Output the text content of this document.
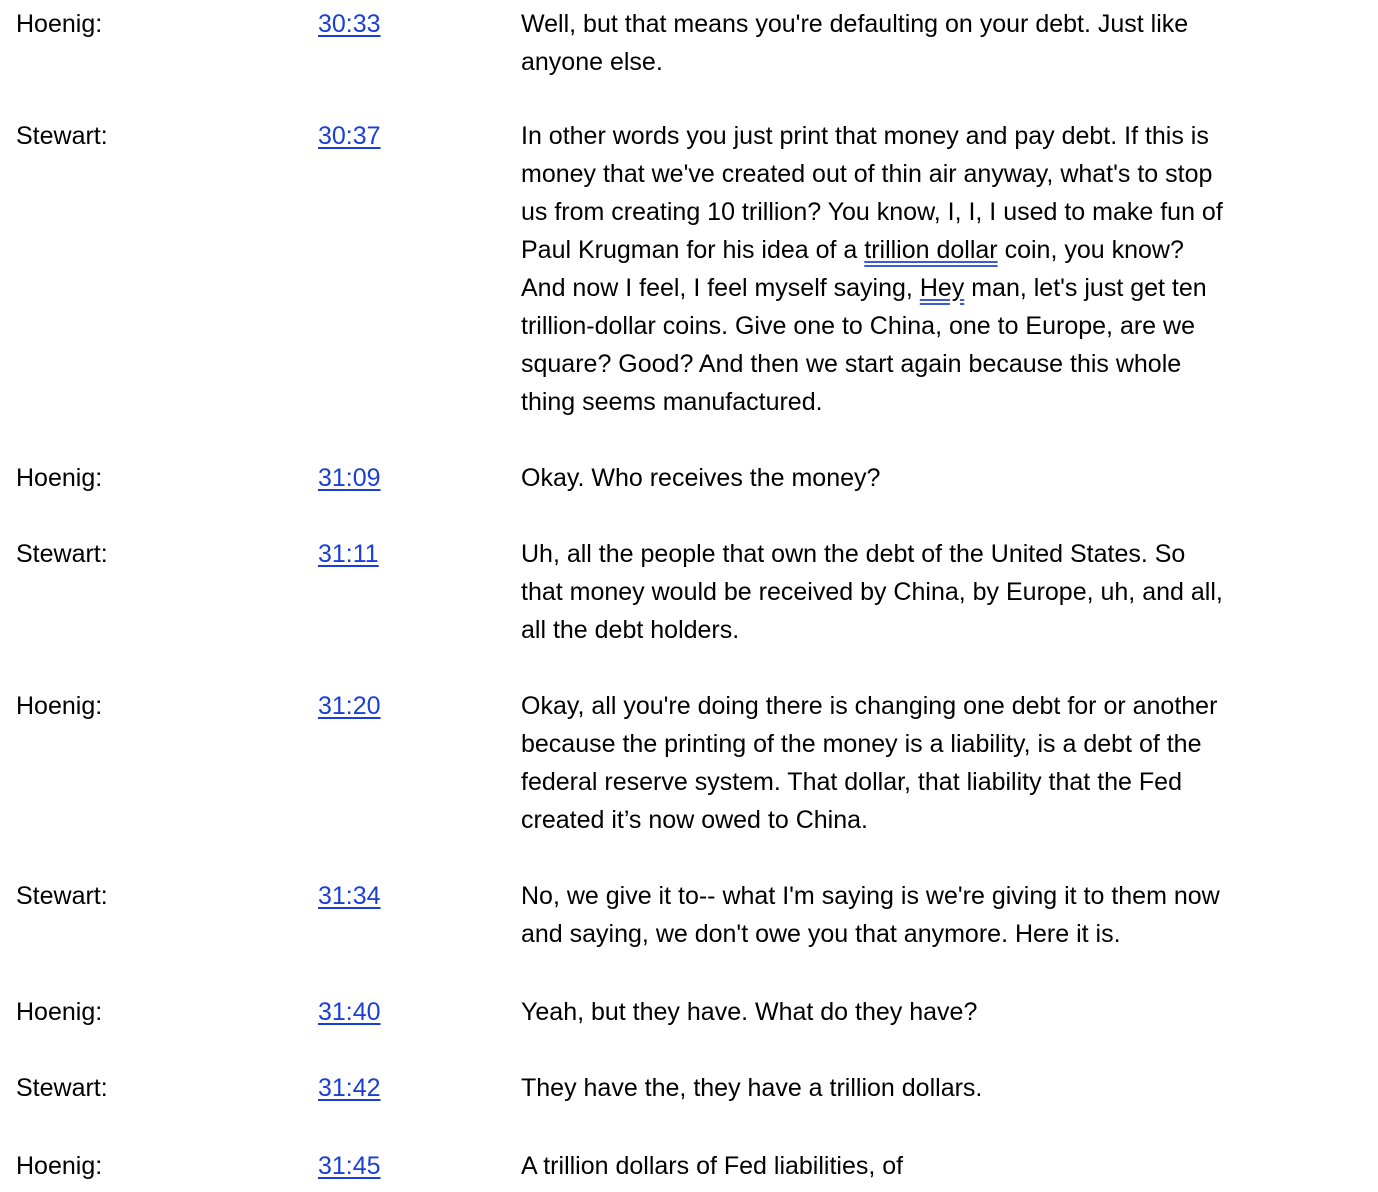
Hoenig:	30:33	Well, but that means you're defaulting on your debt. Just like
anyone else.
Stewart:	30:37	In other words you just print that money and pay debt. If this is
money that we've created out of thin air anyway, what's to stop
us from creating 10 trillion? You know, I, I, I used to make fun of
Paul Krugman for his idea of a trillion dollar coin, you know?
And now I feel, I feel myself saying, Hey man, let's just get ten
trillion-dollar coins. Give one to China, one to Europe, are we
square? Good? And then we start again because this whole
thing seems manufactured.
Hoenig:	31:09	Okay. Who receives the money?
Stewart:	31:11	Uh, all the people that own the debt of the United States. So
that money would be received by China, by Europe, uh, and all,
all the debt holders.
Hoenig:	31:20	Okay, all you're doing there is changing one debt for or another
because the printing of the money is a liability, is a debt of the
federal reserve system. That dollar, that liability that the Fed
created it’s now owed to China.
Stewart:	31:34	No, we give it to-- what I'm saying is we're giving it to them now
and saying, we don't owe you that anymore. Here it is.
Hoenig:	31:40	Yeah, but they have. What do they have?
Stewart:	31:42	They have the, they have a trillion dollars.
Hoenig:	31:45	A trillion dollars of Fed liabilities, of
